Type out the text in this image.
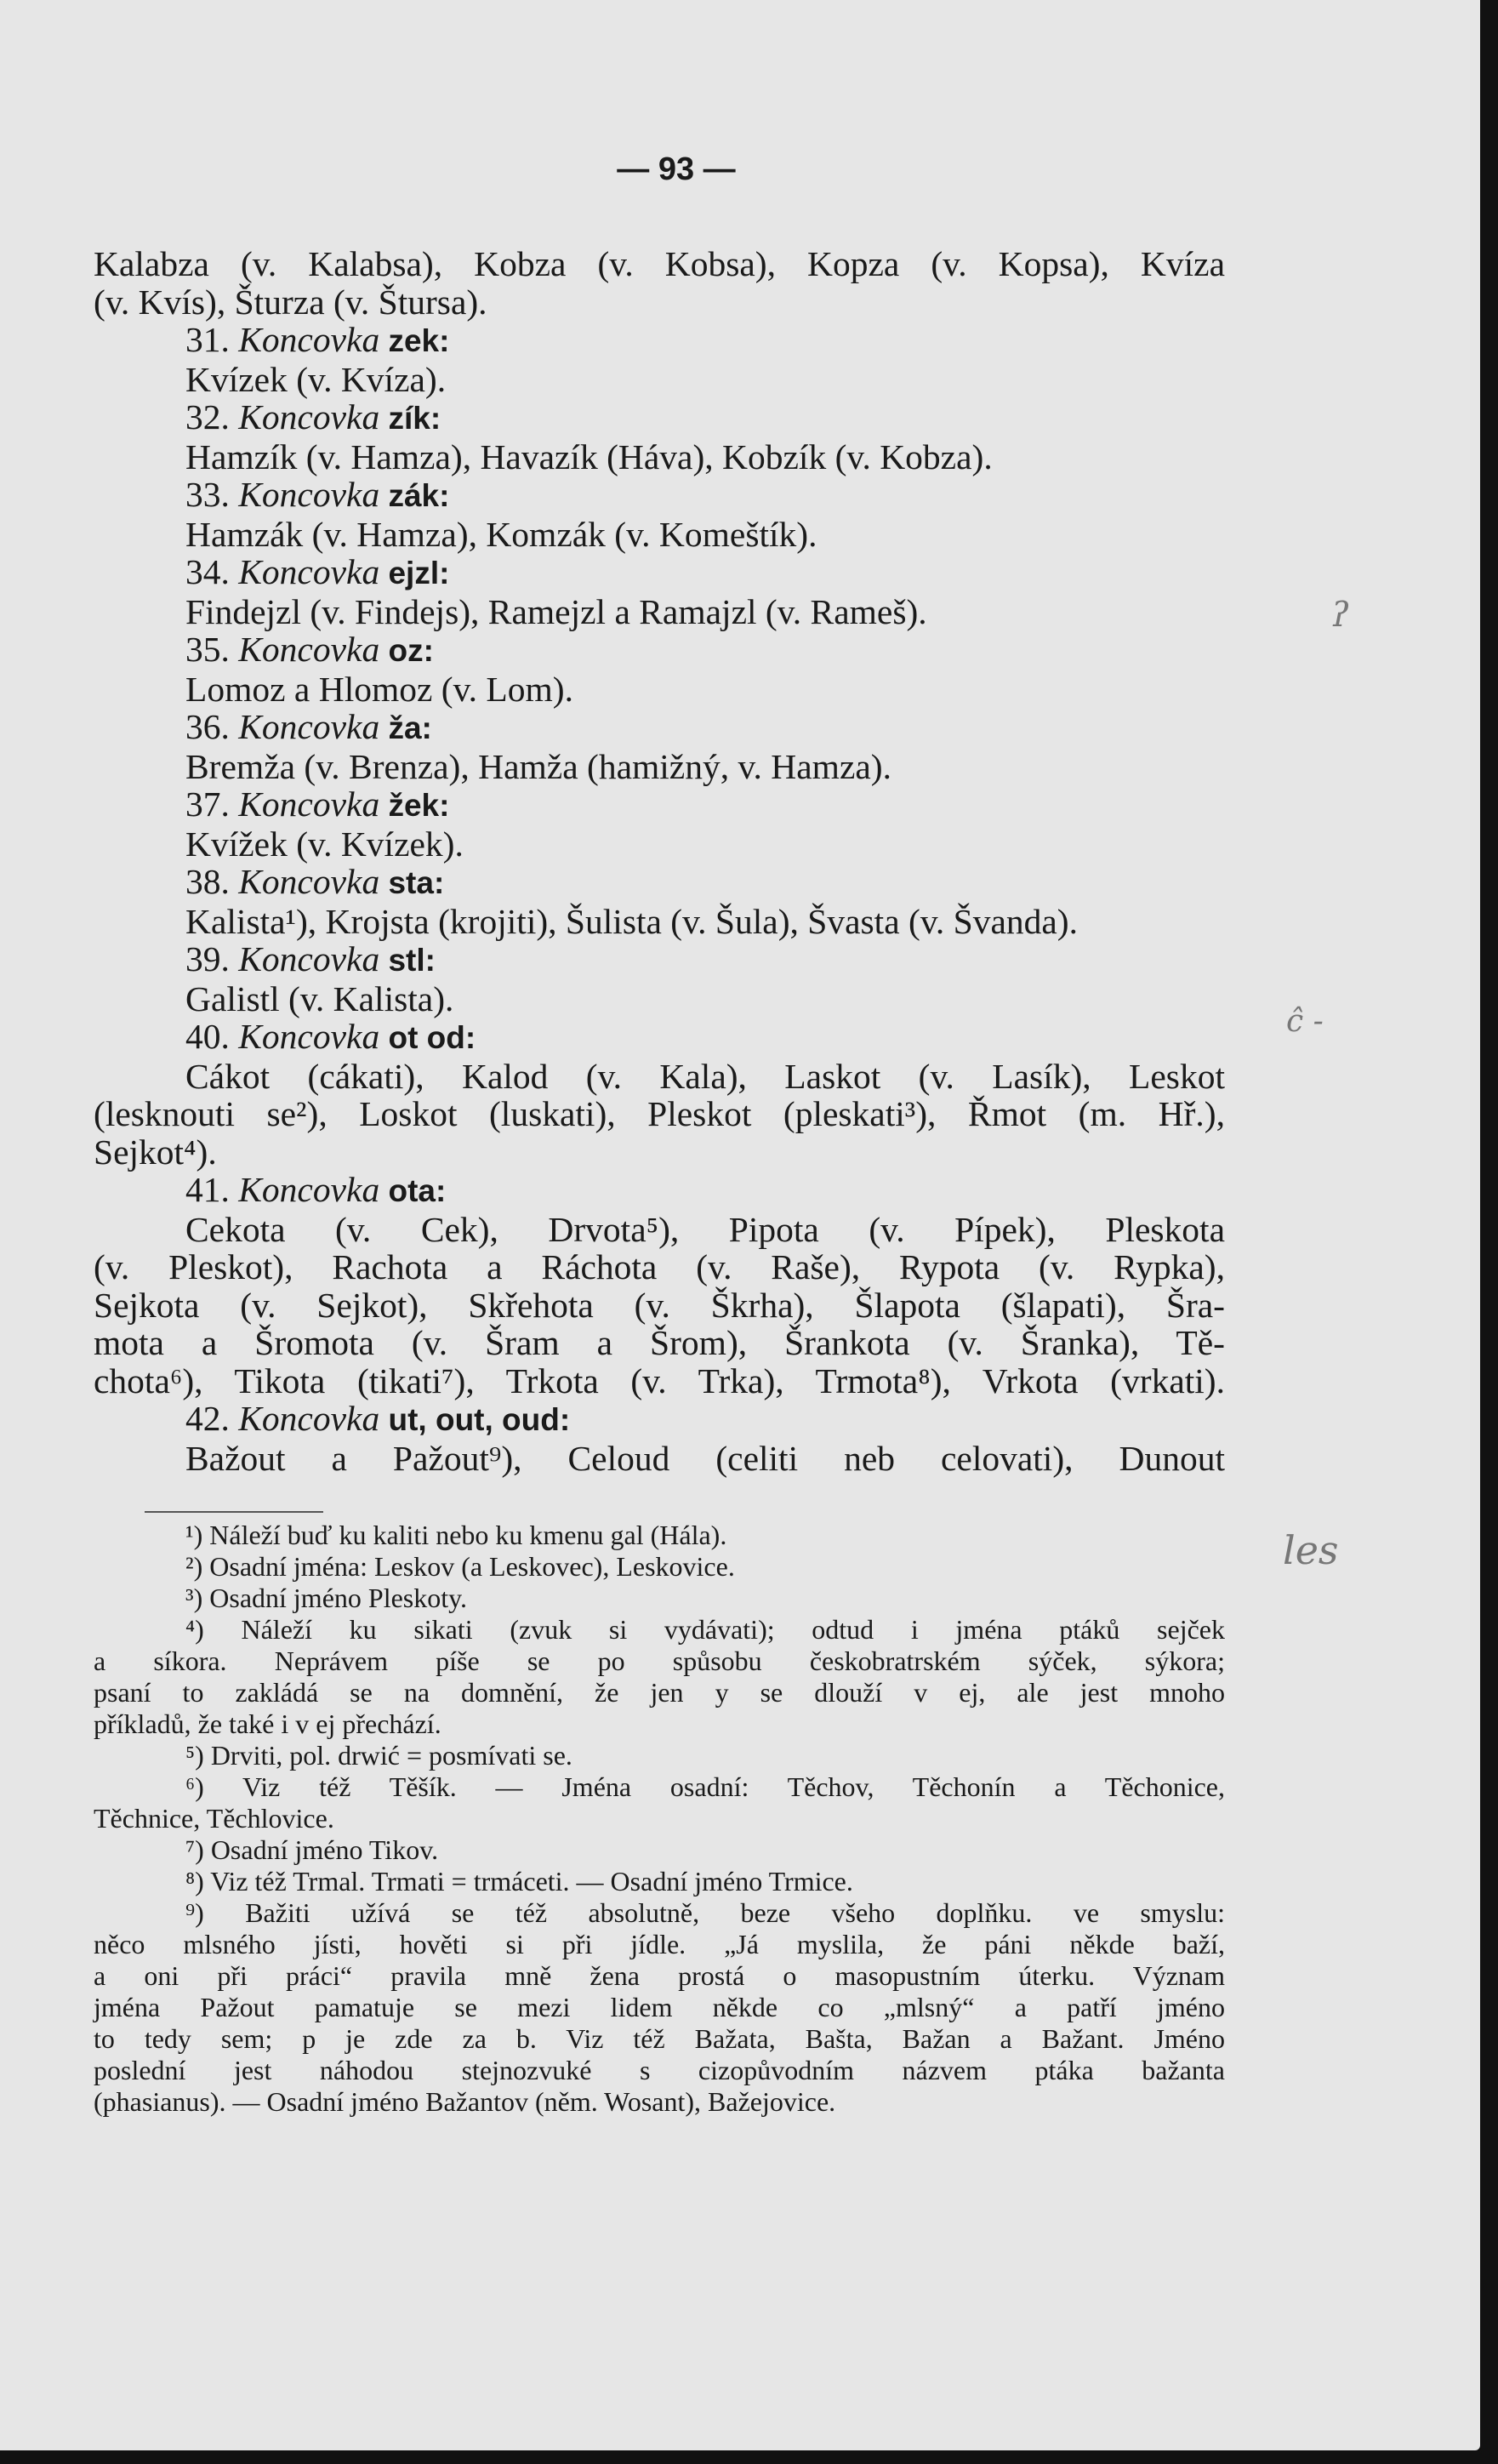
— 93 —
Kalabza (v. Kalabsa), Kobza (v. Kobsa), Kopza (v. Kopsa), Kvíza
(v. Kvís), Šturza (v. Štursa).
31. Koncovka zek:
Kvízek (v. Kvíza).
32. Koncovka zík:
Hamzík (v. Hamza), Havazík (Háva), Kobzík (v. Kobza).
33. Koncovka zák:
Hamzák (v. Hamza), Komzák (v. Komeštík).
34. Koncovka ejzl:
Findejzl (v. Findejs), Ramejzl a Ramajzl (v. Rameš).
35. Koncovka oz:
Lomoz a Hlomoz (v. Lom).
36. Koncovka ža:
Bremža (v. Brenza), Hamža (hamižný, v. Hamza).
37. Koncovka žek:
Kvížek (v. Kvízek).
38. Koncovka sta:
Kalista¹), Krojsta (krojiti), Šulista (v. Šula), Švasta (v. Švanda).
39. Koncovka stl:
Galistl (v. Kalista).
40. Koncovka ot od:
Cákot (cákati), Kalod (v. Kala), Laskot (v. Lasík), Leskot
(lesknouti se²), Loskot (luskati), Pleskot (pleskati³), Řmot (m. Hř.),
Sejkot⁴).
41. Koncovka ota:
Cekota (v. Cek), Drvota⁵), Pipota (v. Pípek), Pleskota
(v. Pleskot), Rachota a Ráchota (v. Raše), Rypota (v. Rypka),
Sejkota (v. Sejkot), Skřehota (v. Škrha), Šlapota (šlapati), Šra-
mota a Šromota (v. Šram a Šrom), Šrankota (v. Šranka), Tě-
chota⁶), Tikota (tikati⁷), Trkota (v. Trka), Trmota⁸), Vrkota (vrkati).
42. Koncovka ut, out, oud:
Bažout a Pažout⁹), Celoud (celiti neb celovati), Dunout
¹) Náleží buď ku kaliti nebo ku kmenu gal (Hála).
²) Osadní jména: Leskov (a Leskovec), Leskovice.
³) Osadní jméno Pleskoty.
⁴) Náleží ku sikati (zvuk si vydávati); odtud i jména ptáků sejček
a síkora. Neprávem píše se po spůsobu českobratrském sýček, sýkora;
psaní to zakládá se na domnění, že jen y se dlouží v ej, ale jest mnoho
příkladů, že také i v ej přechází.
⁵) Drviti, pol. drwić = posmívati se.
⁶) Viz též Těšík. — Jména osadní: Těchov, Těchonín a Těchonice,
Těchnice, Těchlovice.
⁷) Osadní jméno Tikov.
⁸) Viz též Trmal. Trmati = trmáceti. — Osadní jméno Trmice.
⁹) Bažiti užívá se též absolutně, beze všeho doplňku. ve smyslu:
něco mlsného jísti, hověti si při jídle. „Já myslila, že páni někde baží,
a oni při práci“ pravila mně žena prostá o masopustním úterku. Význam
jména Pažout pamatuje se mezi lidem někde co „mlsný“ a patří jméno
to tedy sem; p je zde za b. Viz též Bažata, Bašta, Bažan a Bažant. Jméno
poslední jest náhodou stejnozvuké s cizopůvodním názvem ptáka bažanta
(phasianus). — Osadní jméno Bažantov (něm. Wosant), Bažejovice.
ʔ
ĉ -
les
